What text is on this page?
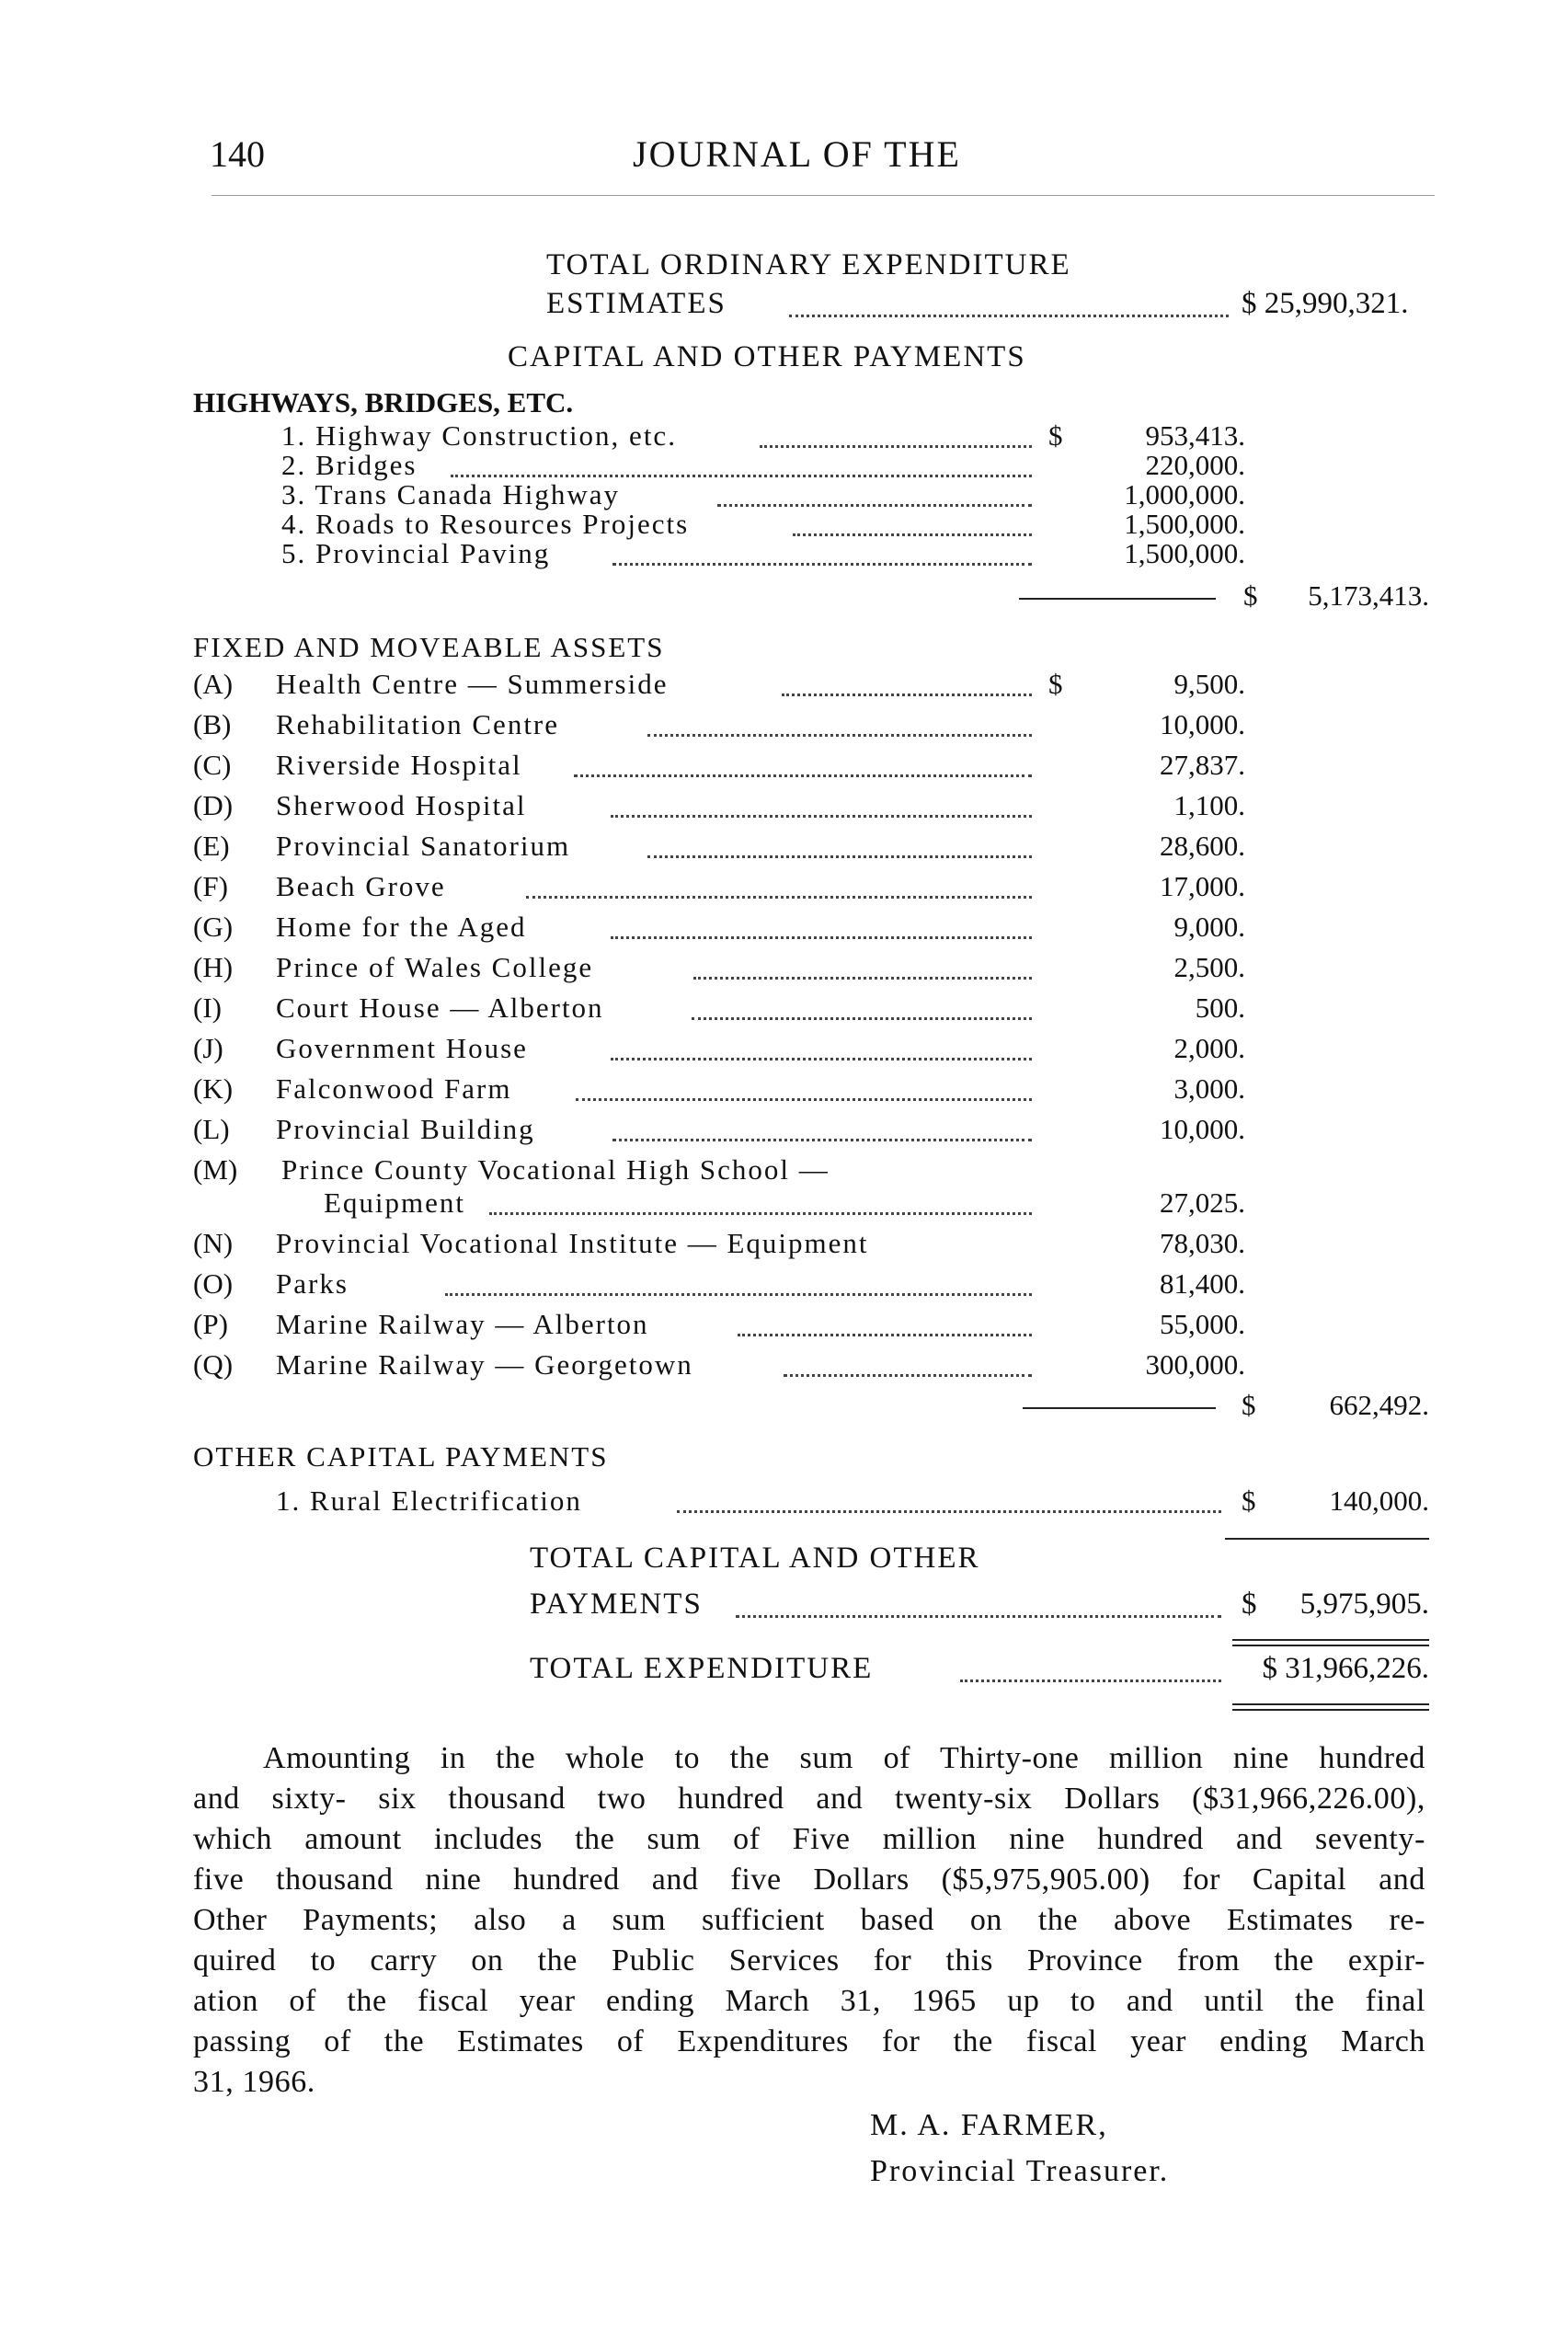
140	JOURNAL OF THE
TOTAL ORDINARY EXPENDITURE
ESTIMATES	$ 25,990,321.
CAPITAL AND OTHER PAYMENTS
HIGHWAYS, BRIDGES, ETC.
1. Highway Construction, etc.	$	953,413.
2. Bridges	220,000.
3. Trans Canada Highway	1,000,000.
4. Roads to Resources Projects	1,500,000.
5. Provincial Paving	1,500,000.
$	5,173,413.
FIXED AND MOVEABLE ASSETS
(A) Health Centre — Summerside	$	9,500.
(B) Rehabilitation Centre	10,000.
(C) Riverside Hospital	27,837.
(D) Sherwood Hospital	1,100.
(E) Provincial Sanatorium	28,600.
(F) Beach Grove	17,000.
(G) Home for the Aged	9,000.
(H) Prince of Wales College	2,500.
(I) Court House — Alberton	500.
(J) Government House	2,000.
(K) Falconwood Farm	3,000.
(L) Provincial Building	10,000.
(M) Prince County Vocational High School —
Equipment	27,025.
(N) Provincial Vocational Institute — Equipment	78,030.
(O) Parks	81,400.
(P) Marine Railway — Alberton	55,000.
(Q) Marine Railway — Georgetown	300,000.
$	662,492.
OTHER CAPITAL PAYMENTS
1. Rural Electrification	$	140,000.
TOTAL CAPITAL AND OTHER
PAYMENTS	$	5,975,905.
TOTAL EXPENDITURE	$ 31,966,226.
Amounting in the whole to the sum of Thirty-one million nine hundred
and sixty- six thousand two hundred and twenty-six Dollars ($31,966,226.00),
which amount includes the sum of Five million nine hundred and seventy-
five thousand nine hundred and five Dollars ($5,975,905.00) for Capital and
Other Payments; also a sum sufficient based on the above Estimates re-
quired to carry on the Public Services for this Province from the expir-
ation of the fiscal year ending March 31, 1965 up to and until the final
passing of the Estimates of Expenditures for the fiscal year ending March
31, 1966.
M. A. FARMER,
Provincial Treasurer.
